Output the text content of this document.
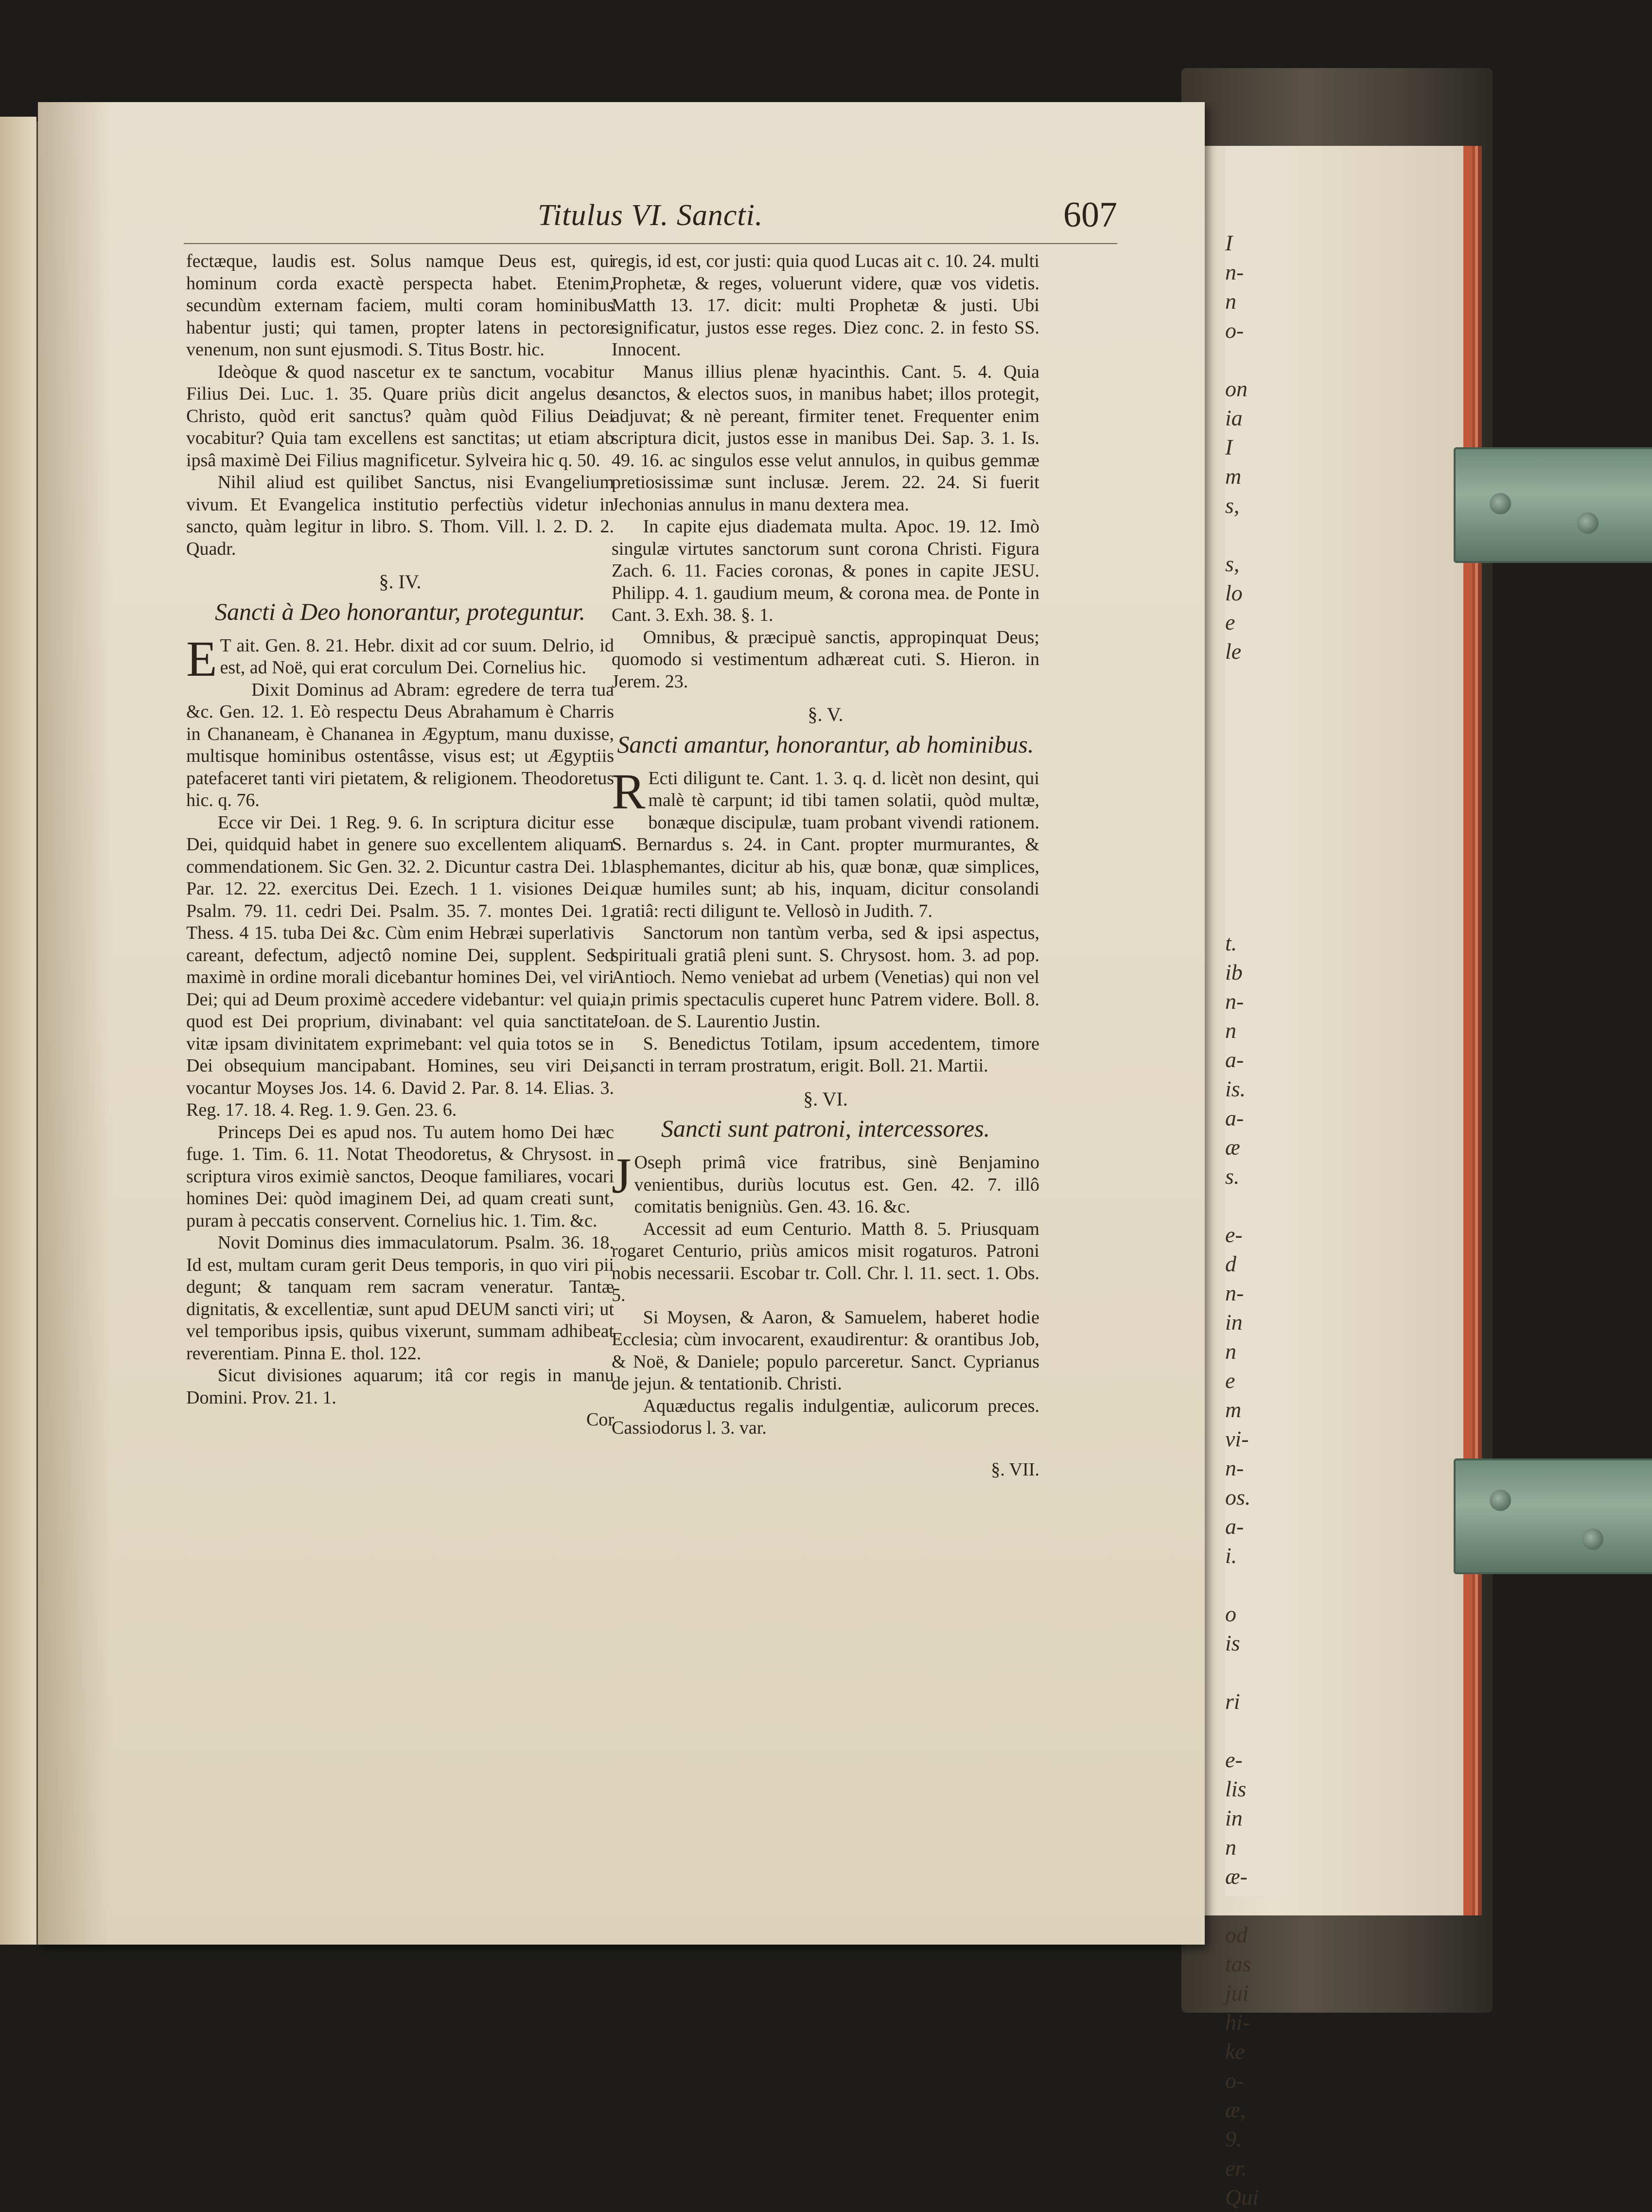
I
n-
n
o-
on
ia
I
m
s,
s,
lo
e
le
t.
ib
n-
n
a-
is.
a-
æ
s.
e-
d
n-
in
n
e
m
vi-
n-
os.
a-
i.
o
is
ri
e-
lis
in
n
æ-
od
tas
jui
hi-
ke
o-
æ,
9.
er.
Qui
Titulus VI. Sancti.	607

fectæque, laudis est. Solus namque Deus est, qui hominum corda exactè perspecta habet. Etenim, secundùm externam faciem, multi coram hominibus habentur justi; qui tamen, propter latens in pectore venenum, non sunt ejusmodi. S. Titus Bostr. hic.

Ideòque & quod nascetur ex te sanctum, vocabitur Filius Dei. Luc. 1. 35. Quare priùs dicit angelus de Christo, quòd erit sanctus? quàm quòd Filius Dei vocabitur? Quia tam excellens est sanctitas; ut etiam ab ipsâ maximè Dei Filius magnificetur. Sylveira hic q. 50.

Nihil aliud est quilibet Sanctus, nisi Evangelium vivum. Et Evangelica institutio perfectiùs videtur in sancto, quàm legitur in libro. S. Thom. Vill. l. 2. D. 2. Quadr.

§. IV.
Sancti à Deo honorantur, proteguntur.

E T ait. Gen. 8. 21. Hebr. dixit ad cor suum. Delrio, id est, ad Noë, qui erat corculum Dei. Cornelius hic.

Dixit Dominus ad Abram: egredere de terra tua &c. Gen. 12. 1. Eò respectu Deus Abrahamum è Charris in Chananeam, è Chananea in Ægyptum, manu duxisse, multisque hominibus ostentâsse, visus est; ut Ægyptiis patefaceret tanti viri pietatem, & religionem. Theodoretus hic. q. 76.

Ecce vir Dei. 1 Reg. 9. 6. In scriptura dicitur esse Dei, quidquid habet in genere suo excellentem aliquam commendationem. Sic Gen. 32. 2. Dicuntur castra Dei. 1. Par. 12. 22. exercitus Dei. Ezech. 1 1. visiones Dei. Psalm. 79. 11. cedri Dei. Psalm. 35. 7. montes Dei. 1. Thess. 4 15. tuba Dei &c. Cùm enim Hebræi superlativis careant, defectum, adjectô nomine Dei, supplent. Sed maximè in ordine morali dicebantur homines Dei, vel viri Dei; qui ad Deum proximè accedere videbantur: vel quia, quod est Dei proprium, divinabant: vel quia sanctitate vitæ ipsam divinitatem exprimebant: vel quia totos se in Dei obsequium mancipabant. Homines, seu viri Dei, vocantur Moyses Jos. 14. 6. David 2. Par. 8. 14. Elias. 3. Reg. 17. 18. 4. Reg. 1. 9. Gen. 23. 6.

Princeps Dei es apud nos. Tu autem homo Dei hæc fuge. 1. Tim. 6. 11. Notat Theodoretus, & Chrysost. in scriptura viros eximiè sanctos, Deoque familiares, vocari homines Dei: quòd imaginem Dei, ad quam creati sunt, puram à peccatis conservent. Cornelius hic. 1. Tim. &c.

Novit Dominus dies immaculatorum. Psalm. 36. 18. Id est, multam curam gerit Deus temporis, in quo viri pii degunt; & tanquam rem sacram veneratur. Tantæ dignitatis, & excellentiæ, sunt apud DEUM sancti viri; ut vel temporibus ipsis, quibus vixerunt, summam adhibeat reverentiam. Pinna E. thol. 122.

Sicut divisiones aquarum; itâ cor regis in manu Domini. Prov. 21. 1.

Cor

regis, id est, cor justi: quia quod Lucas ait c. 10. 24. multi Prophetæ, & reges, voluerunt videre, quæ vos videtis. Matth 13. 17. dicit: multi Prophetæ & justi. Ubi significatur, justos esse reges. Diez conc. 2. in festo SS. Innocent.

Manus illius plenæ hyacinthis. Cant. 5. 4. Quia sanctos, & electos suos, in manibus habet; illos protegit, adjuvat; & nè pereant, firmiter tenet. Frequenter enim scriptura dicit, justos esse in manibus Dei. Sap. 3. 1. Is. 49. 16. ac singulos esse velut annulos, in quibus gemmæ pretiosissimæ sunt inclusæ. Jerem. 22. 24. Si fuerit Jechonias annulus in manu dextera mea.

In capite ejus diademata multa. Apoc. 19. 12. Imò singulæ virtutes sanctorum sunt corona Christi. Figura Zach. 6. 11. Facies coronas, & pones in capite JESU. Philipp. 4. 1. gaudium meum, & corona mea. de Ponte in Cant. 3. Exh. 38. §. 1.

Omnibus, & præcipuè sanctis, appropinquat Deus; quomodo si vestimentum adhæreat cuti. S. Hieron. in Jerem. 23.

§. V.
Sancti amantur, honorantur, ab hominibus.

R Ecti diligunt te. Cant. 1. 3. q. d. licèt non desint, qui malè tè carpunt; id tibi tamen solatii, quòd multæ, bonæque discipulæ, tuam probant vivendi rationem. S. Bernardus s. 24. in Cant. propter murmurantes, & blasphemantes, dicitur ab his, quæ bonæ, quæ simplices, quæ humiles sunt; ab his, inquam, dicitur consolandi gratiâ: recti diligunt te. Vellosò in Judith. 7.

Sanctorum non tantùm verba, sed & ipsi aspectus, spirituali gratiâ pleni sunt. S. Chrysost. hom. 3. ad pop. Antioch. Nemo veniebat ad urbem (Venetias) qui non vel in primis spectaculis cuperet hunc Patrem videre. Boll. 8. Joan. de S. Laurentio Justin.

S. Benedictus Totilam, ipsum accedentem, timore sancti in terram prostratum, erigit. Boll. 21. Martii.

§. VI.
Sancti sunt patroni, intercessores.

J Oseph primâ vice fratribus, sinè Benjamino venientibus, duriùs locutus est. Gen. 42. 7. illô comitatis benigniùs. Gen. 43. 16. &c.

Accessit ad eum Centurio. Matth 8. 5. Priusquam rogaret Centurio, priùs amicos misit rogaturos. Patroni nobis necessarii. Escobar tr. Coll. Chr. l. 11. sect. 1. Obs. 5.

Si Moysen, & Aaron, & Samuelem, haberet hodie Ecclesia; cùm invocarent, exaudirentur: & orantibus Job, & Noë, & Daniele; populo parceretur. Sanct. Cyprianus de jejun. & tentationib. Christi.

Aquæductus regalis indulgentiæ, aulicorum preces. Cassiodorus l. 3. var.

§. VII.
